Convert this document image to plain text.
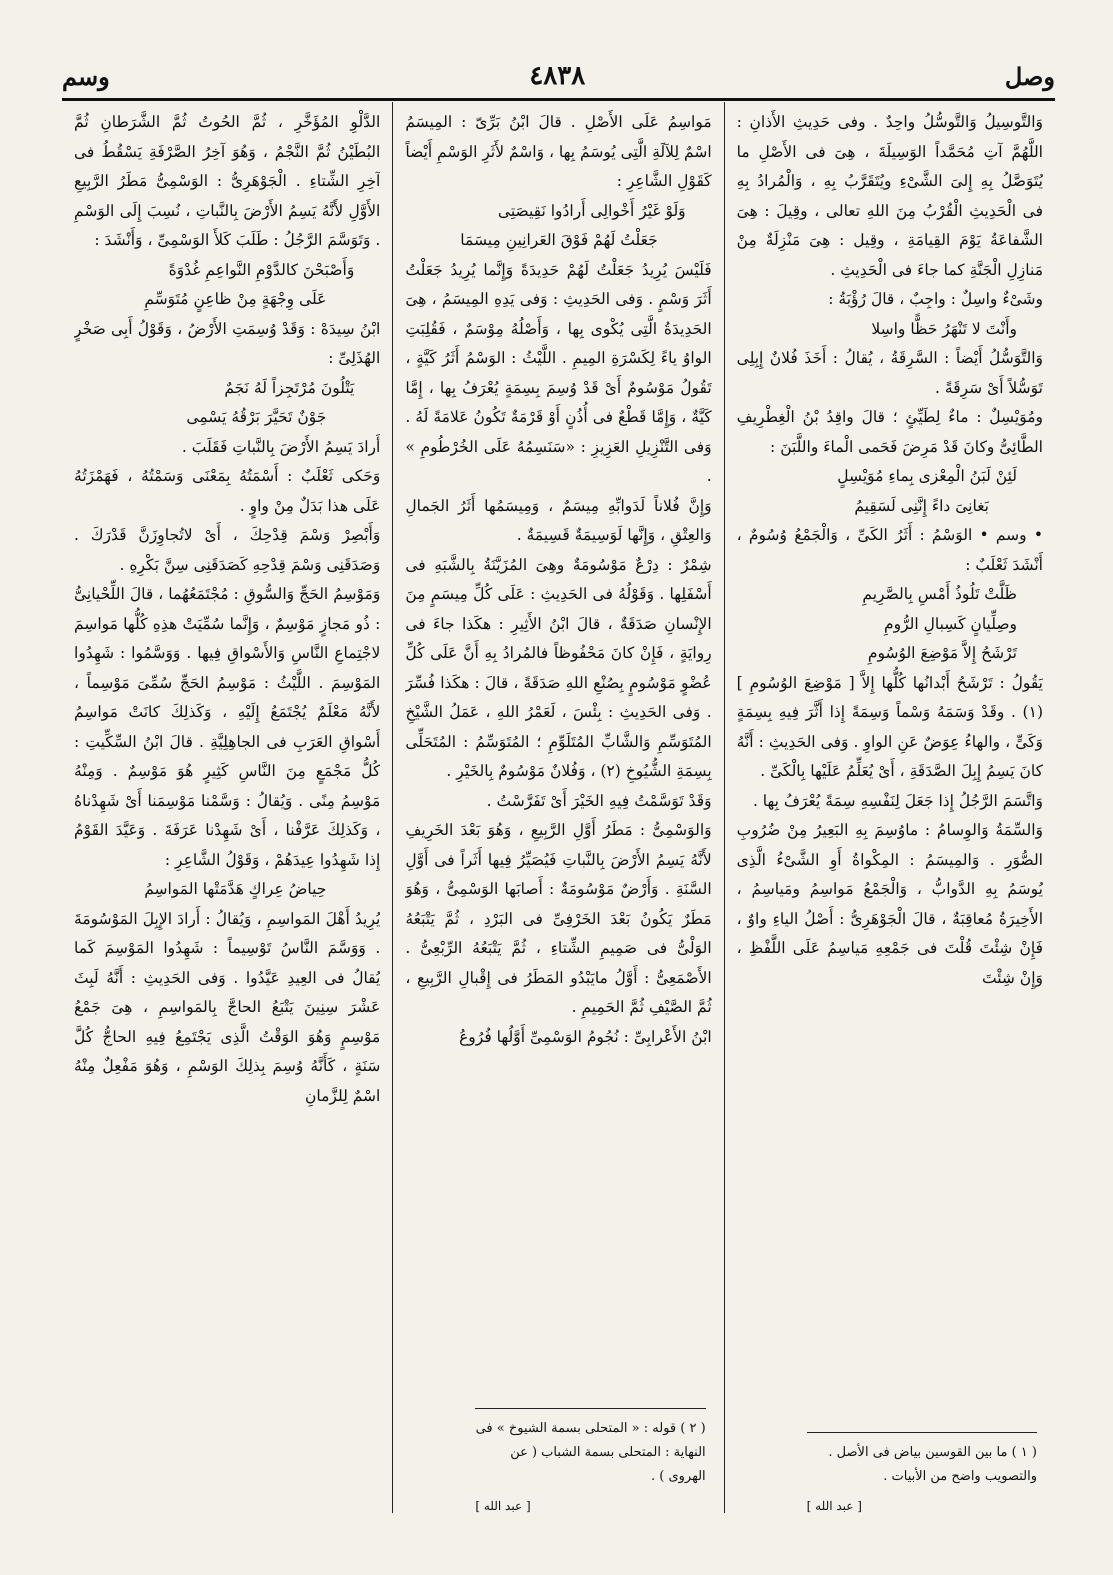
وصل
٤٨٣٨
وسم

وَالتَّوسِيلُ وَالتَّوسُّلُ واحِدٌ . وفى حَدِيثِ الأَذانِ : اللَّهُمَّ آتِ مُحَمَّداً الوَسِيلَةَ ، هِىَ فى الأَصْلِ ما يُتَوَصَّلُ بِهِ إِلىَ الشَّىْءِ ويُتَقَرَّبُ بِهِ ، وَالْمُرادُ بِهِ فى الْحَدِيثِ الْقُرْبُ مِنَ اللهِ تعالى ، وقِيلَ : هِىَ الشَّفاعَةُ يَوْمَ القِيامَةِ ، وقِيل : هِىَ مَنْزِلَةٌ مِنْ مَنازِلِ الْجَنَّةِ كما جاءَ فى الْحَدِيثِ .

وشَىْءٌ واسِلٌ : واجِبٌ ، قالَ رُؤْبَةُ :

وأَنْتَ لا تَنْهَرُ حَظًّا واسِلا

وَالتَّوَسُّلُ أَيْضاً : السَّرِقَةُ ، يُقالُ : أَخَذَ فُلانٌ إِبِلِى تَوَسُّلاً أَىْ سَرِقَةً .

ومُوَيْسِلٌ : ماءٌ لِطَيِّئٍ ؛ قالَ واقِدُ بْنُ الْغِطْرِيفِ الطَّائِىُّ وكانَ قَدْ مَرِضَ فَحَمى الْماءَ واللَّبَنَ :

لَئِنْ لَبَنُ الْمِعْزى بِماءِ مُوَيْسِلٍ

بَغانِىَ داءً إِنَّنِى لَسَقِيمُ

• وسم • الوَسْمُ : أَثَرُ الكَىِّ ، وَالْجَمْعُ وُسُومٌ ، أَنْشَدَ ثَعْلَبٌ :

ظَلَّتْ تَلُوذُ أَمْسِ بِالصَّرِيمِ

وصِلِّيانٍ كَسِبالِ الرُّومِ

تَرْشَحُ إِلاَّ مَوْضِعَ الوُسُومِ

يَقُولُ : تَرْشَحُ أَبْدانُها كُلُّها إِلاَّ [ مَوْضِعَ الوُسُومِ ](١) . وقَدْ وَسَمَهُ وَسْماً وَسِمَةً إِذا أَثَّرَ فِيهِ بِسِمَةٍ وَكَىٍّ ، والهاءُ عِوَضٌ عَنِ الواوِ . وَفى الحَدِيثِ : أَنَّهُ كانَ يَسِمُ إِبِلَ الصَّدَقَةِ ، أَىْ يُعَلِّمُ عَلَيْها بِالْكَىِّ .

وَاتَّسَمَ الرَّجُلُ إِذا جَعَلَ لِنَفْسِهِ سِمَةً يُعْرَفُ بِها .

وَالسِّمَةُ وَالوِسامُ : ماوُسِمَ بِهِ البَعِيرُ مِنْ ضُرُوبِ الصُّوَرِ . وَالمِيسَمُ : المِكْواةُ أَوِ الشَّىْءُ الَّذِى يُوسَمُ بِهِ الدَّوابُّ ، وَالْجَمْعُ مَواسِمُ ومَياسِمُ ، الأَخِيرَةُ مُعاقِبَةٌ ، قالَ الْجَوْهَرِىُّ : أَصْلُ الياءِ واوٌ ، فَإِنْ شِئْتَ قُلْتَ فى جَمْعِهِ مَياسِمُ عَلَى اللَّفْظِ ، وَإِنْ شِئْتَ

( ١ ) ما بين القوسين بياض فى الأصل . والتصويب واضح من الأبيات .

[ عبد الله ]

مَواسِمُ عَلَى الأَصْلِ . قالَ ابْنُ بَرِّىّ : المِيسَمُ اسْمٌ لِلآلَةِ الَّتِى يُوسَمُ بِها ، وَاسْمٌ لأَثَرِ الوَسْمِ أَيْضاً كَقَوْلِ الشَّاعِرِ :

وَلَوْ غَيْرُ أَخْوالِى أَرادُوا نَقِيصَتِى

جَعَلْتُ لَهُمْ فَوْقَ العَرانِينِ مِيسَمَا

فَلَيْسَ يُرِيدُ جَعَلْتُ لَهُمْ حَدِيدَةً وَإِنَّما يُرِيدُ جَعَلْتُ أَثَرَ وَسْمٍ . وَفى الحَدِيثِ : وَفى يَدِهِ المِيسَمُ ، هِىَ الحَدِيدَةُ الَّتِى يُكْوى بِها ، وَأَصْلُهُ مِوْسَمٌ ، فَقُلِبَتِ الواوُ ياءً لِكَسْرَةِ المِيمِ . اللَّيْثُ : الوَسْمُ أَثَرُ كَيَّةٍ ، تَقُولُ مَوْسُومٌ أَىْ قَدْ وُسِمَ بِسِمَةٍ يُعْرَفُ بِها ، إِمَّا كَيَّةٌ ، وَإِمَّا قَطْعٌ فى أُذُنٍ أَوْ قَرْمَةٌ تَكُونُ عَلامَةً لَهُ . وَفى التَّنْزِيلِ العَزِيزِ : «سَنَسِمُهُ عَلَى الخُرْطُومِ » .

وَإِنَّ فُلاناً لَدَوابِّهِ مِيسَمٌ ، وَمِيسَمُها أَثَرُ الجَمالِ وَالعِتْقِ ، وَإِنَّها لَوَسِيمَةٌ قَسِيمَةٌ .

شِمْرٌ : دِرْعٌ مَوْسُومَةٌ وهِىَ المُزَيَّنَةُ بِالشَّبَهِ فى أَسْفَلِها . وَقَوْلُهُ فى الحَدِيثِ : عَلَى كُلِّ مِيسَمٍ مِنَ الإِنْسانِ صَدَقَةٌ ، قالَ ابْنُ الأَثِيرِ : هكَذا جاءَ فى رِوايَةٍ ، فَإِنْ كانَ مَحْفُوظاً فالمُرادُ بِهِ أَنَّ عَلَى كُلِّ عُضْوٍ مَوْسُومٍ بِصُنْعِ اللهِ صَدَقَةً ، قالَ : هكَذا فُسِّرَ . وَفى الحَدِيثِ : بِئْسَ ، لَعَمْرُ اللهِ ، عَمَلُ الشَّيْخِ المُتَوَسِّمِ وَالشَّابِّ المُتَلَوِّمِ ؛ المُتَوَسِّمُ : المُتَحَلِّى بِسِمَةِ الشُّيُوخِ (٢) ، وَفُلانٌ مَوْسُومٌ بِالخَيْرِ .

وَقَدْ تَوَسَّمْتُ فِيهِ الخَيْرَ أَىْ تَفَرَّسْتُ .

وَالوَسْمِىُّ : مَطَرُ أَوَّلِ الرَّبِيعِ ، وَهُوَ بَعْدَ الخَرِيفِ لأَنَّهُ يَسِمُ الأَرْضَ بِالنَّباتِ فَيُصَيِّرُ فِيها أَثَراً فى أَوَّلِ السَّنَةِ . وَأَرْضٌ مَوْسُومَةٌ : أَصابَها الوَسْمِىُّ ، وَهُوَ مَطَرٌ يَكُونُ بَعْدَ الخَرْفِىِّ فى البَرْدِ ، ثُمَّ يَتْبَعُهُ الوَلْىُّ فى صَمِيمِ الشِّتاءِ ، ثُمَّ يَتْبَعُهُ الرِّبْعِىُّ . الأَصْمَعِىُّ : أَوَّلُ مايَبْدُو المَطَرُ فى إِقْبالِ الرَّبِيعِ ، ثُمَّ الصَّيْفِ ثُمَّ الحَمِيمِ .

ابْنُ الأَعْرابِىِّ : نُجُومُ الوَسْمِىِّ أَوَّلُها فُرُوعُ

( ٢ ) قوله : « المتحلى بسمة الشيوخ » فى النهاية : المتحلى بسمة الشباب ( عن الهروى ) .

[ عبد الله ]

الدَّلْوِ المُؤَخَّرِ ، ثُمَّ الحُوتُ ثُمَّ الشَّرَطانِ ثُمَّ البُطَيْنُ ثُمَّ النَّجْمُ ، وَهُوَ آخِرُ الصَّرْفَةِ يَسْقُطُ فى آخِرِ الشِّتاءِ . الْجَوْهَرِىُّ : الوَسْمِىُّ مَطَرُ الرَّبِيعِ الأَوَّلِ لأَنَّهُ يَسِمُ الأَرْضَ بِالنَّباتِ ، نُسِبَ إِلَى الوَسْمِ . وَتَوَسَّمَ الرَّجُلُ : طَلَبَ كَلأَ الوَسْمِىِّ ، وَأَنْشَدَ :

وَأَصْبَحْنَ كالدَّوْمِ النَّواعِمِ غُدْوَةً

عَلَى وِجْهَةٍ مِنْ ظاعِنٍ مُتَوَسِّمِ

ابْنُ سِيدَهْ : وَقَدْ وُسِمَتِ الأَرْضُ ، وَقَوْلُ أَبِى صَخْرٍ الهُذَلِىِّ :

يَتْلُونَ مُرْتَجِزاً لَهُ نَجَمٌ

جَوْنٌ تَحَيَّرَ بَرْقُهُ يَسْمِى

أَرادَ يَسِمُ الأَرْضَ بِالنَّباتِ فَقَلَبَ .

وَحَكى ثَعْلَبٌ : أَسْمَتُهُ بِمَعْنَى وَسَمْتُهُ ، فَهَمْزَتُهُ عَلَى هذا بَدَلٌ مِنْ واوٍ .

وَأَبْصِرْ وَسْمَ قِدْحِكَ ، أَىْ لاتُجاوِزَنَّ قَدْرَكَ . وَصَدَقَنِى وَسْمَ قِدْحِهِ كَصَدَقَنِى سِنَّ بَكْرِهِ .

وَمَوْسِمُ الحَجِّ وَالسُّوقِ : مُجْتَمَعُهُما ، قالَ اللِّحْيانِىُّ : ذُو مَجازٍ مَوْسِمٌ ، وَإِنَّما سُمِّيَتْ هذِهِ كُلُّها مَواسِمَ لاجْتِماعِ النَّاسِ وَالأَسْواقِ فِيها . وَوَسَّمُوا : شَهِدُوا المَوْسِمَ . اللَّيْثُ : مَوْسِمُ الحَجِّ سُمِّىَ مَوْسِماً ، لأَنَّهُ مَعْلَمٌ يُجْتَمَعُ إِلَيْهِ ، وَكَذلِكَ كانَتْ مَواسِمُ أَسْواقِ العَرَبِ فى الجاهِلِيَّةِ . قالَ ابْنُ السِّكِّيتِ : كُلُّ مَجْمَعٍ مِنَ النَّاسِ كَثِيرٍ هُوَ مَوْسِمٌ . وَمِنْهُ مَوْسِمُ مِنًى . وَيُقالُ : وَسَّمْنا مَوْسِمَنا أَىْ شَهِدْناهُ ، وَكَذلِكَ عَرَّفْنا ، أَىْ شَهِدْنا عَرَفَةَ . وَعَيَّدَ القَوْمُ إِذا شَهِدُوا عِيدَهُمْ ، وَقَوْلُ الشَّاعِرِ :

حِياضُ عِراكٍ هَدَّمَتْها المَواسِمُ

يُرِيدُ أَهْلَ المَواسِمِ ، وَيُقالُ : أَرادَ الإِبِلَ المَوْسُومَةَ . وَوَسَّمَ النَّاسُ تَوْسِيماً : شَهِدُوا المَوْسِمَ كَما يُقالُ فى العِيدِ عَيَّدُوا . وَفى الحَدِيثِ : أَنَّهُ لَبِثَ عَشْرَ سِنِينَ يَتْبَعُ الحاجَّ بِالمَواسِمِ ، هِىَ جَمْعُ مَوْسِمٍ وَهُوَ الوَقْتُ الَّذِى يَجْتَمِعُ فِيهِ الحاجُّ كُلَّ سَنَةٍ ، كَأَنَّهُ وُسِمَ بِذلِكَ الوَسْمِ ، وَهُوَ مَفْعِلٌ مِنْهُ اسْمٌ لِلزَّمانِ
